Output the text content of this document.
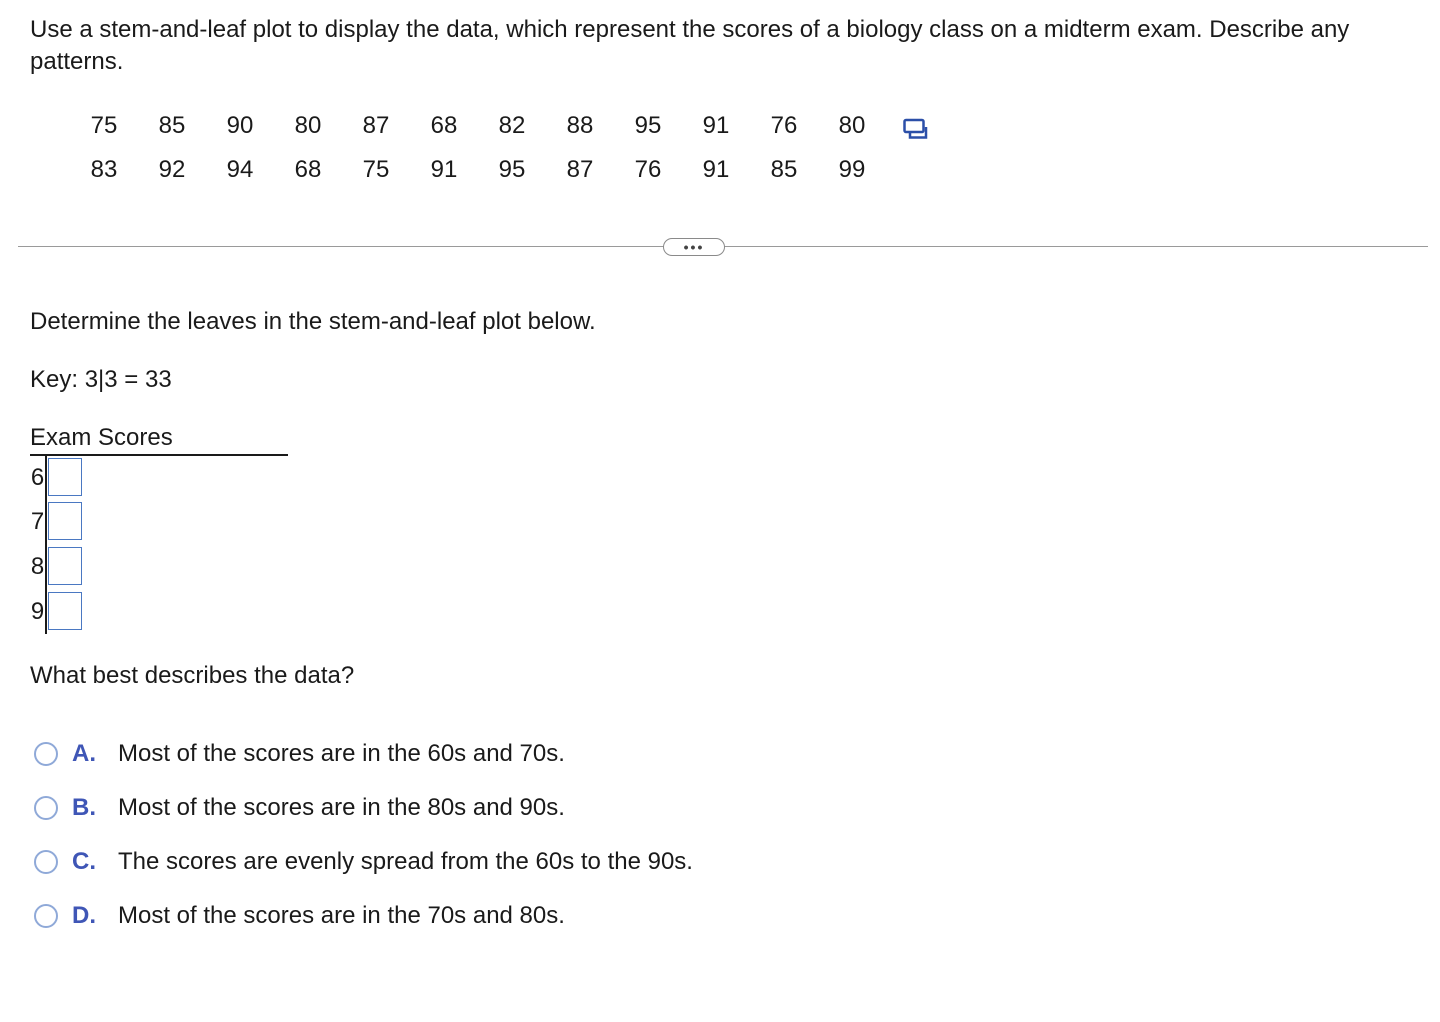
Use a stem-and-leaf plot to display the data, which represent the scores of a biology class on a midterm exam. Describe any patterns.

75	85	90	80	87	68	82	88	95	91	76	80
83	92	94	68	75	91	95	87	76	91	85	99
•••

Determine the leaves in the stem-and-leaf plot below.

Key: 3|3 = 33
Exam Scores
6
7
8
9

What best describes the data?

A. Most of the scores are in the 60s and 70s.
B. Most of the scores are in the 80s and 90s.
C. The scores are evenly spread from the 60s to the 90s.
D. Most of the scores are in the 70s and 80s.
